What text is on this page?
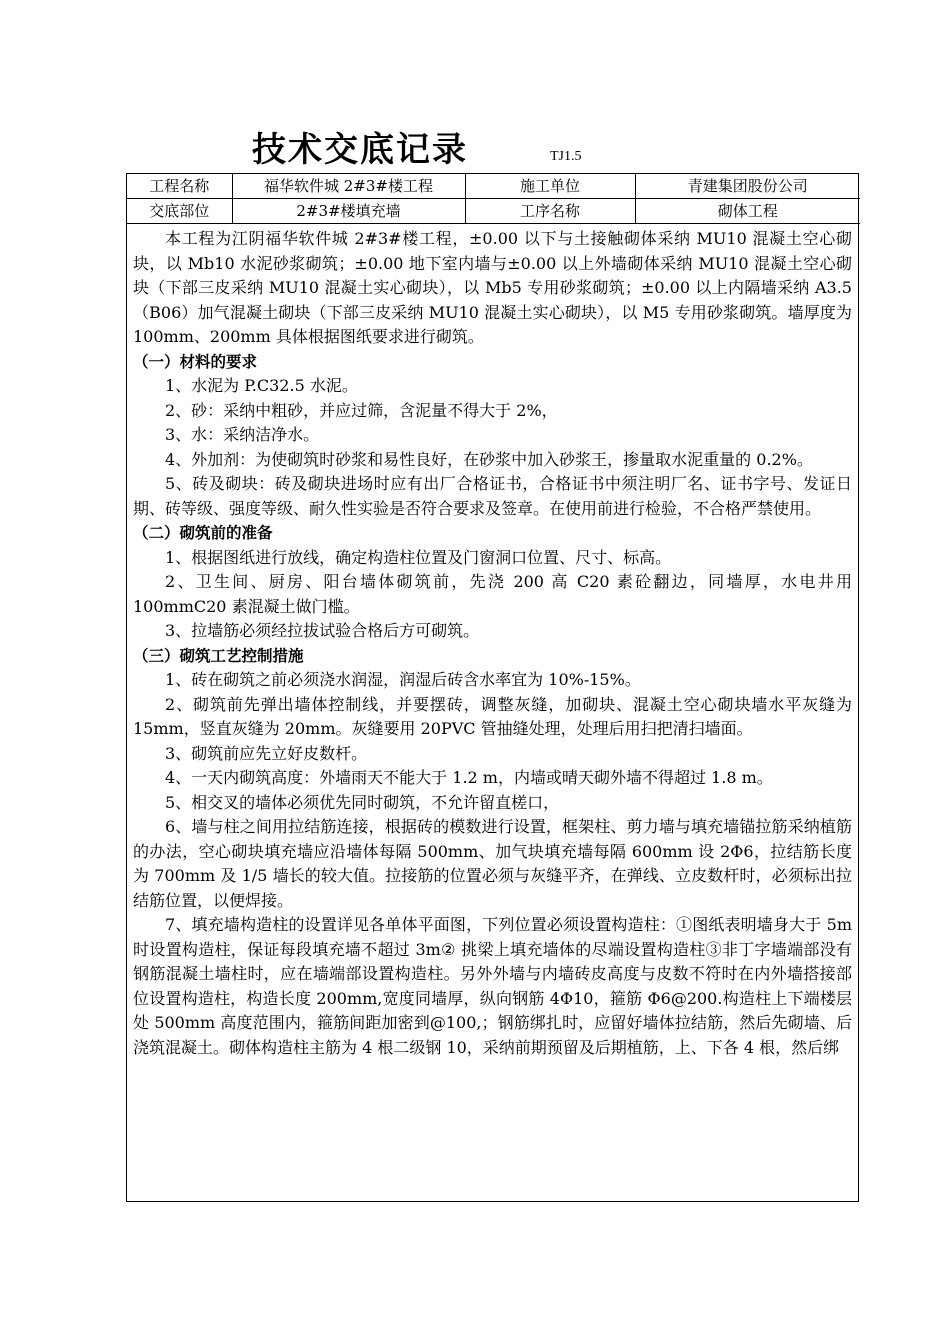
技术交底记录	TJ1.5
工程名称	福华软件城 2#3#楼工程	施工单位	青建集团股份公司
交底部位	2#3#楼填充墙	工序名称	砌体工程

本工程为江阴福华软件城 2#3#楼工程，±0.00 以下与土接触砌体采纳 MU10 混凝土空心砌块，以 Mb10 水泥砂浆砌筑；±0.00 地下室内墙与±0.00 以上外墙砌体采纳 MU10 混凝土空心砌块（下部三皮采纳 MU10 混凝土实心砌块），以 Mb5 专用砂浆砌筑；±0.00 以上内隔墙采纳 A3.5（B06）加气混凝土砌块（下部三皮采纳 MU10 混凝土实心砌块），以 M5 专用砂浆砌筑。墙厚度为 100mm、200mm 具体根据图纸要求进行砌筑。

（一）材料的要求

1、水泥为 P.C32.5 水泥。

2、砂：采纳中粗砂，并应过筛，含泥量不得大于 2%，

3、水：采纳洁净水。

4、外加剂：为使砌筑时砂浆和易性良好，在砂浆中加入砂浆王，掺量取水泥重量的 0.2%。

5、砖及砌块：砖及砌块进场时应有出厂合格证书，合格证书中须注明厂名、证书字号、发证日期、砖等级、强度等级、耐久性实验是否符合要求及签章。在使用前进行检验，不合格严禁使用。

（二）砌筑前的准备

1、根据图纸进行放线，确定构造柱位置及门窗洞口位置、尺寸、标高。

2、卫生间、厨房、阳台墙体砌筑前，先浇 200 高 C20 素砼翻边，同墙厚，水电井用 100mmC20 素混凝土做门槛。

3、拉墙筋必须经拉拔试验合格后方可砌筑。

（三）砌筑工艺控制措施

1、砖在砌筑之前必须浇水润湿，润湿后砖含水率宜为 10%-15%。

2、砌筑前先弹出墙体控制线，并要摆砖，调整灰缝，加砌块、混凝土空心砌块墙水平灰缝为 15mm，竖直灰缝为 20mm。灰缝要用 20PVC 管抽缝处理，处理后用扫把清扫墙面。

3、砌筑前应先立好皮数杆。

4、一天内砌筑高度：外墙雨天不能大于 1.2 m，内墙或晴天砌外墙不得超过 1.8 m。

5、相交叉的墙体必须优先同时砌筑，不允许留直槎口，

6、墙与柱之间用拉结筋连接，根据砖的模数进行设置，框架柱、剪力墙与填充墙锚拉筋采纳植筋的办法，空心砌块填充墙应沿墙体每隔 500mm、加气块填充墙每隔 600mm 设 2Φ6，拉结筋长度为 700mm 及 1/5 墙长的较大值。拉接筋的位置必须与灰缝平齐，在弹线、立皮数杆时，必须标出拉结筋位置，以便焊接。

7、填充墙构造柱的设置详见各单体平面图，下列位置必须设置构造柱：①图纸表明墙身大于 5m 时设置构造柱，保证每段填充墙不超过 3m② 挑梁上填充墙体的尽端设置构造柱③非丁字墙端部没有钢筋混凝土墙柱时，应在墙端部设置构造柱。另外外墙与内墙砖皮高度与皮数不符时在内外墙搭接部位设置构造柱，构造长度 200mm,宽度同墙厚，纵向钢筋 4Φ10，箍筋 Φ6@200.构造柱上下端楼层处 500mm 高度范围内，箍筋间距加密到@100,；钢筋绑扎时，应留好墙体拉结筋，然后先砌墙、后浇筑混凝土。砌体构造柱主筋为 4 根二级钢 10，采纳前期预留及后期植筋，上、下各 4 根，然后绑
